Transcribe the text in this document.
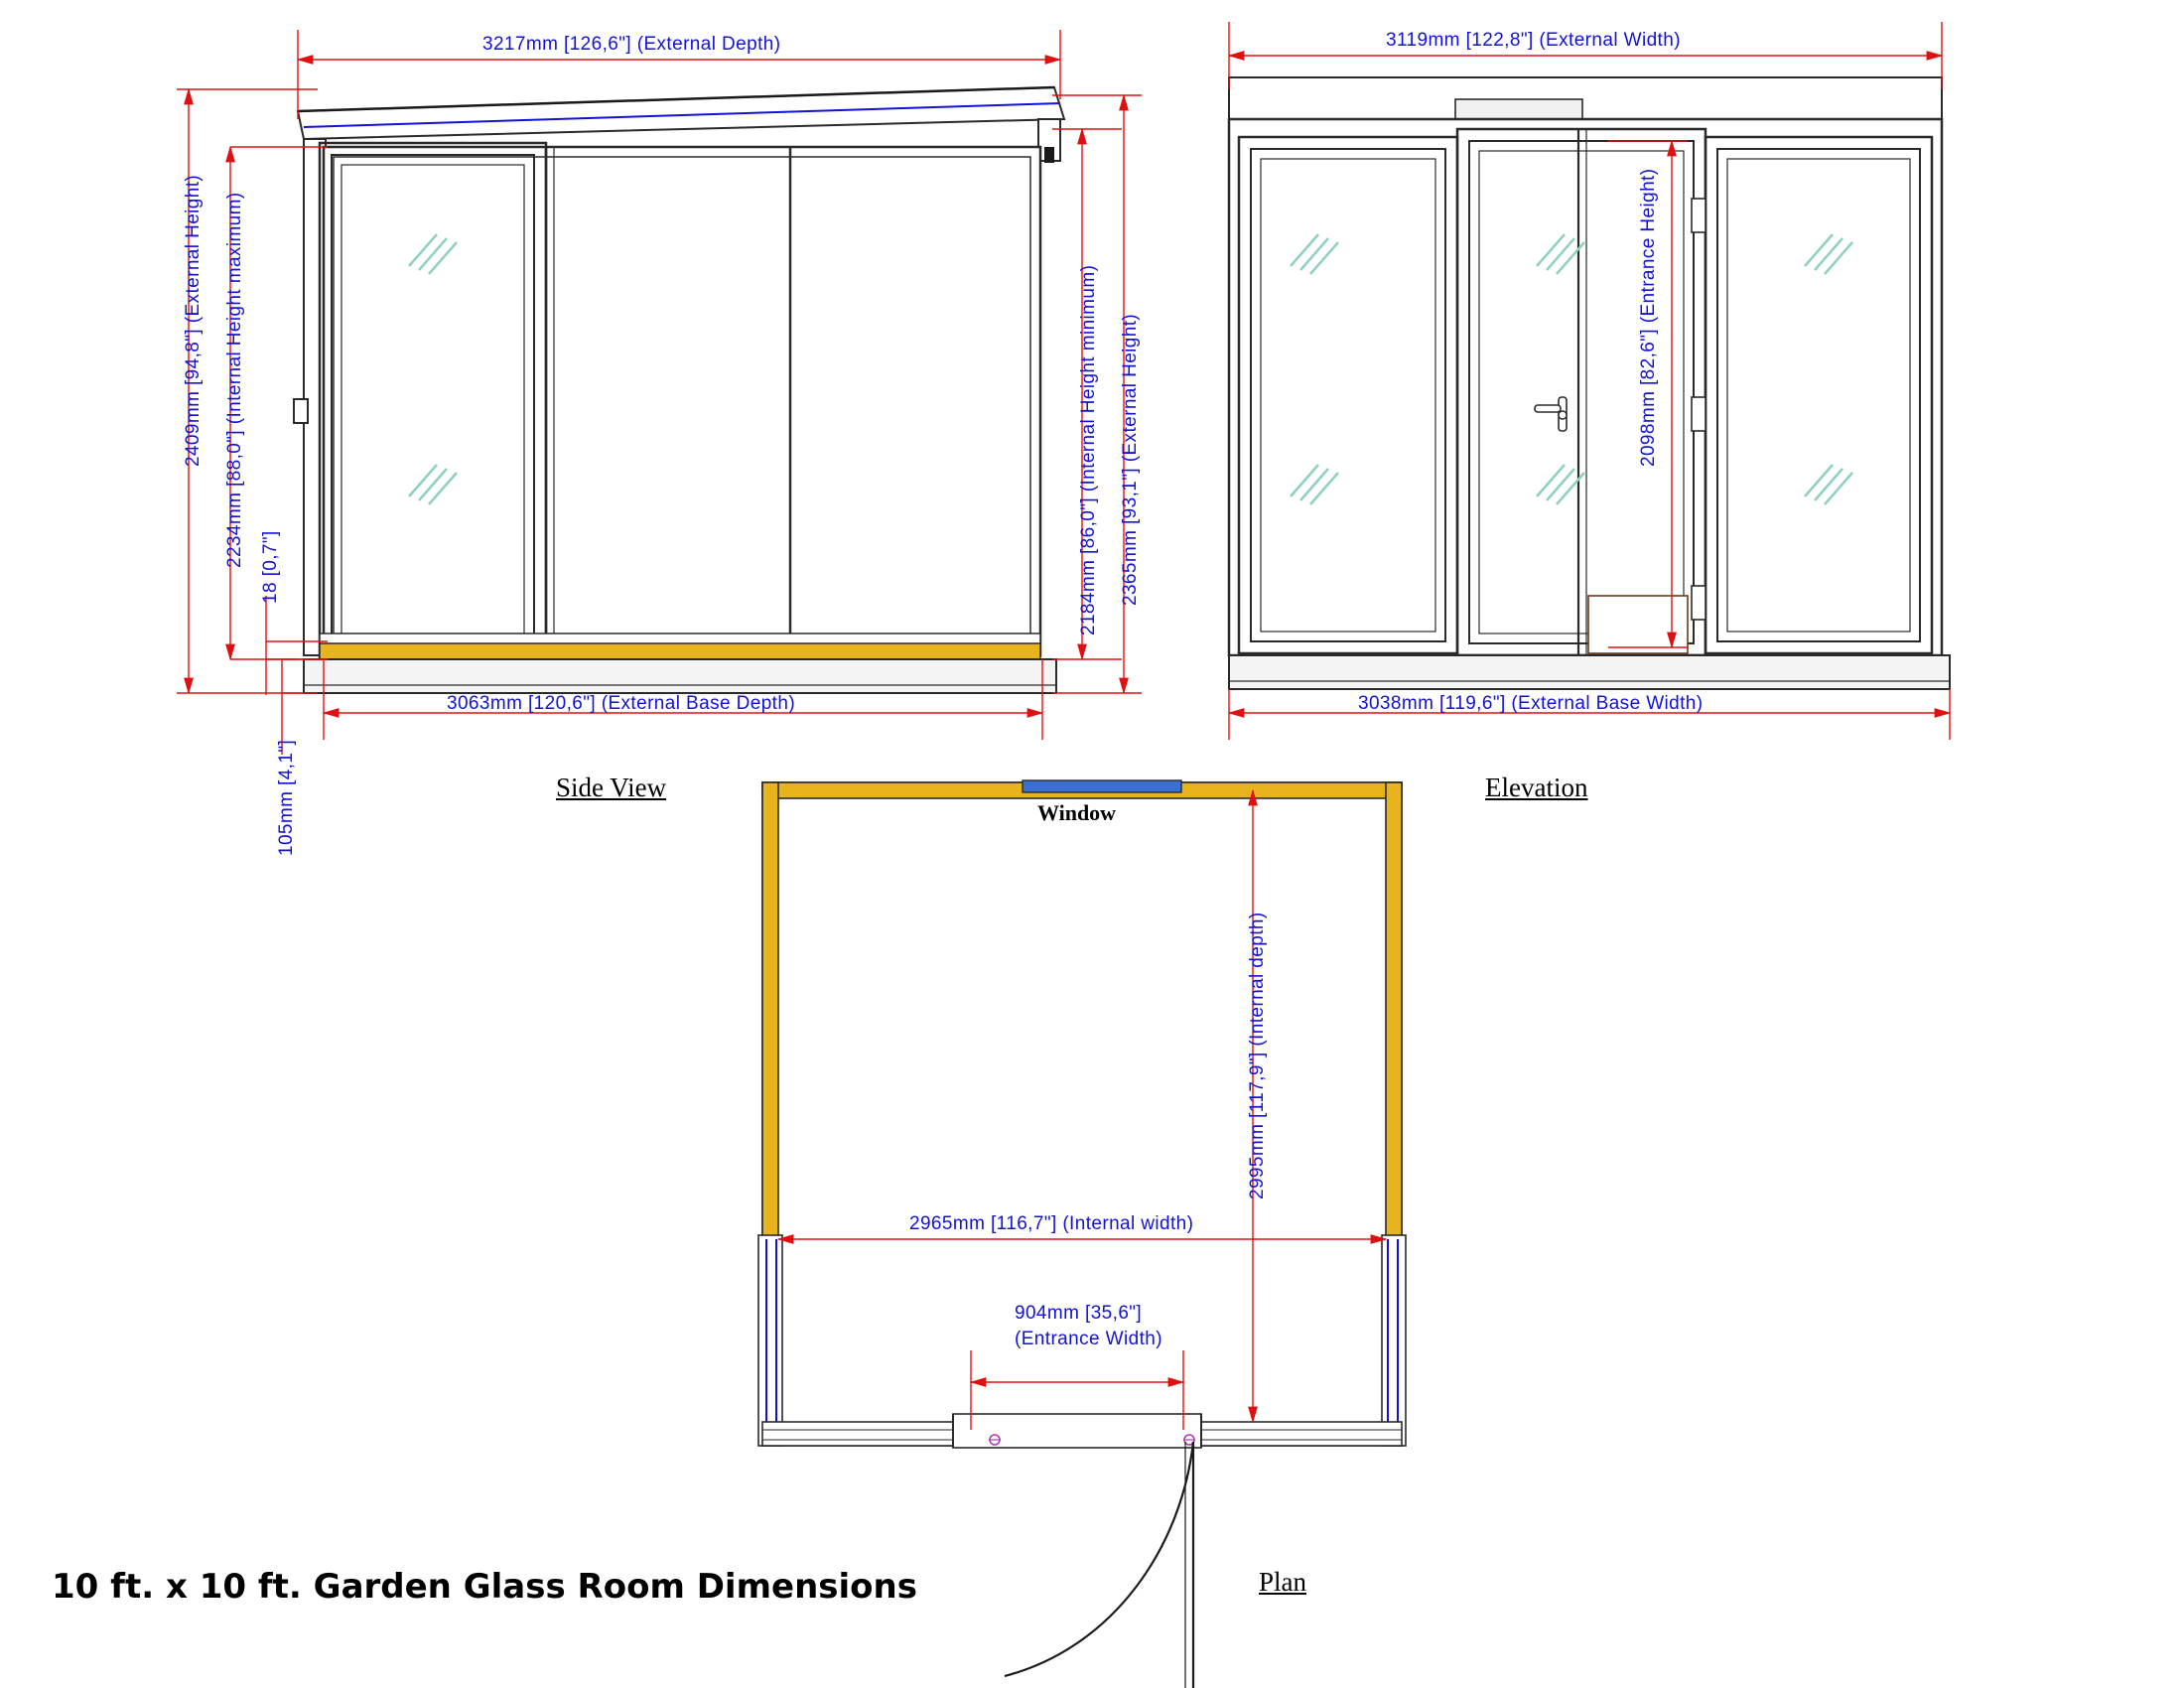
3217mm [126,6"] (External Depth)
2409mm [94,8"] (External Height) 2234mm [88,0"] (Internal Height maximum) 18 [0,7"]
105mm [4,1"]
2184mm [86,0"] (Internal Height minimum) 2365mm [93,1"] (External Height)
3063mm [120,6"] (External Base Depth)
Side View
3119mm [122,8"] (External Width)
2098mm [82,6"] (Entrance Height)
3038mm [119,6"] (External Base Width)
Elevation
Window
2995mm [117,9"] (Internal depth)
2965mm [116,7"] (Internal width)
904mm [35,6"]
(Entrance Width)
Plan
10 ft. x 10 ft. Garden Glass Room Dimensions
